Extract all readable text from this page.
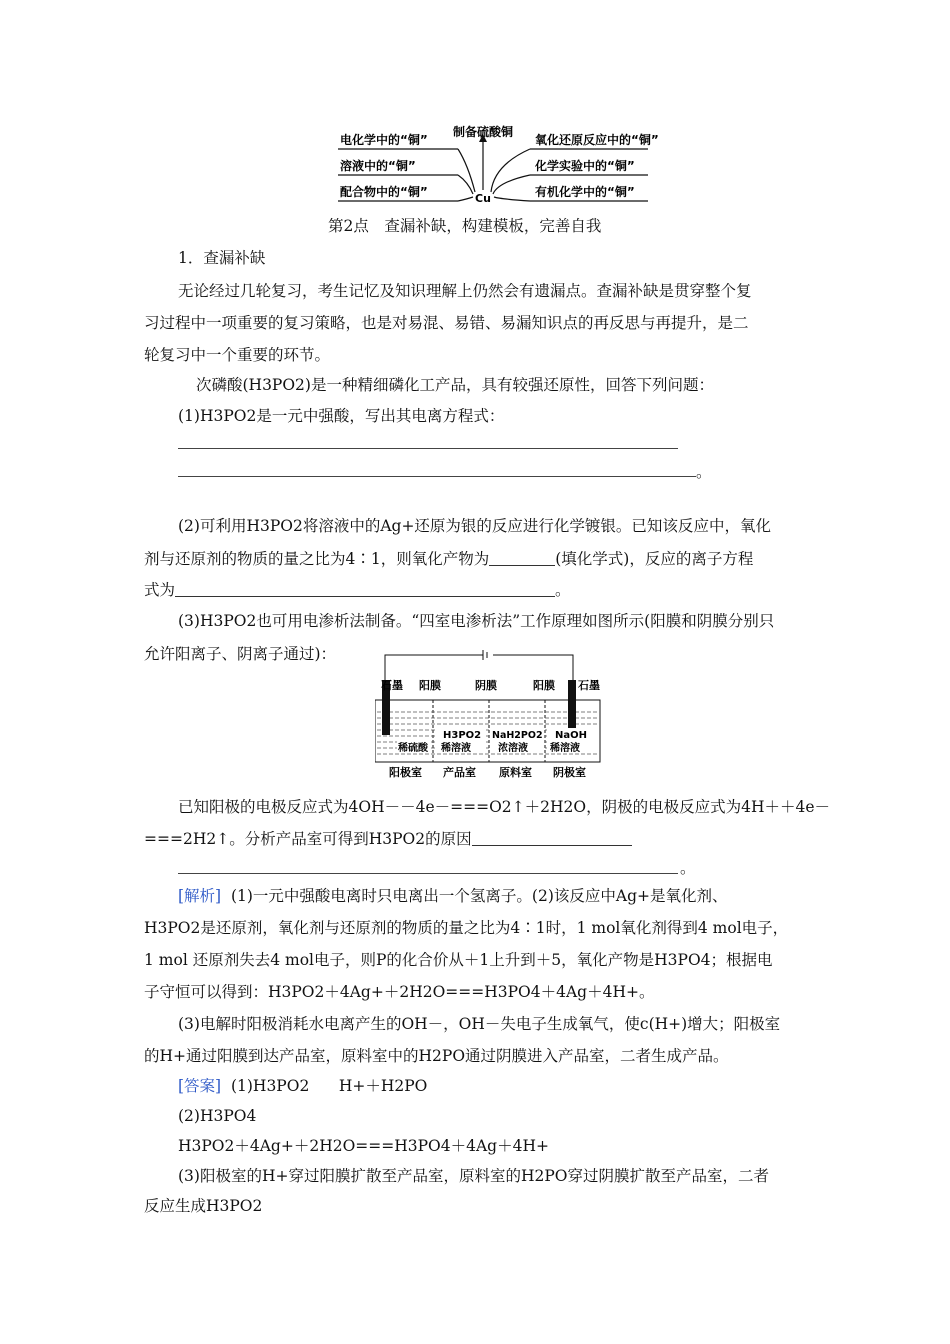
Cu
制备硫酸铜
电化学中的“铜”
溶液中的“铜”
配合物中的“铜”
氧化还原反应中的“铜”
化学实验中的“铜”
有机化学中的“铜”
第2点　查漏补缺，构建模板，完善自我
1．查漏补缺
无论经过几轮复习，考生记忆及知识理解上仍然会有遗漏点。查漏补缺是贯穿整个复
习过程中一项重要的复习策略，也是对易混、易错、易漏知识点的再反思与再提升，是二
轮复习中一个重要的环节。
次磷酸(H3PO2)是一种精细磷化工产品，具有较强还原性，回答下列问题：
(1)H3PO2是一元中强酸，写出其电离方程式：
。
(2)可利用H3PO2将溶液中的Ag+还原为银的反应进行化学镀银。已知该反应中，氧化
剂与还原剂的物质的量之比为4∶1，则氧化产物为	(填化学式)，反应的离子方程
式为	。
(3)H3PO2也可用电渗析法制备。“四室电渗析法”工作原理如图所示(阳膜和阴膜分别只
允许阳离子、阴离子通过)：
石墨 阳膜	阴膜	阳膜 石墨
稀硫酸
H3PO2
稀溶液
NaH2PO2
浓溶液
NaOH
稀溶液
阳极室 产品室 原料室 阴极室
已知阳极的电极反应式为4OH－－4e－===O2↑＋2H2O，阴极的电极反应式为4H＋＋4e－
===2H2↑。分析产品室可得到H3PO2的原因
。
[解析] (1)一元中强酸电离时只电离出一个氢离子。(2)该反应中Ag+是氧化剂、
H3PO2是还原剂，氧化剂与还原剂的物质的量之比为4∶1时，1 mol氧化剂得到4 mol电子，
1 mol 还原剂失去4 mol电子，则P的化合价从＋1上升到＋5，氧化产物是H3PO4；根据电
子守恒可以得到：H3PO2＋4Ag+＋2H2O===H3PO4＋4Ag＋4H+。
(3)电解时阳极消耗水电离产生的OH－，OH－失电子生成氧气，使c(H+)增大；阳极室
的H+通过阳膜到达产品室，原料室中的H2PO通过阴膜进入产品室，二者生成产品。
[答案] (1)H3PO2 H+＋H2PO
(2)H3PO4
H3PO2＋4Ag+＋2H2O===H3PO4＋4Ag＋4H+
(3)阳极室的H+穿过阳膜扩散至产品室，原料室的H2PO穿过阴膜扩散至产品室，二者
反应生成H3PO2
